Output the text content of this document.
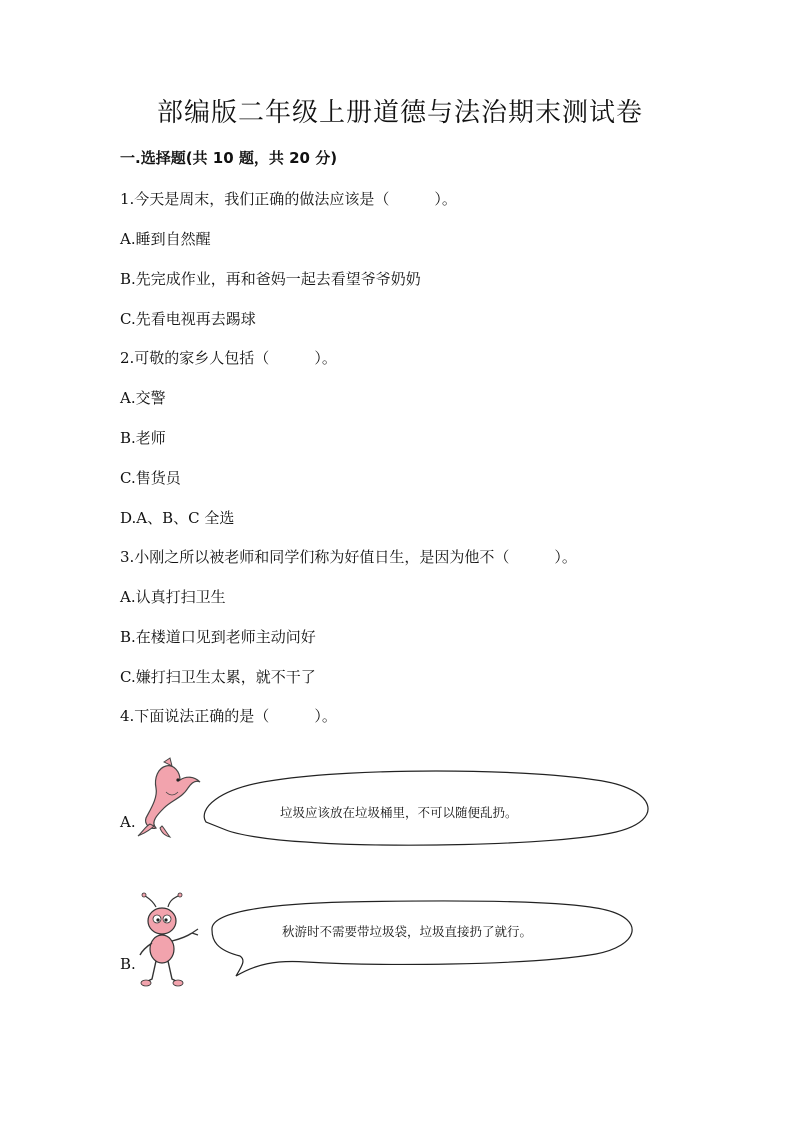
部编版二年级上册道德与法治期末测试卷
一.选择题(共 10 题，共 20 分)
1.今天是周末，我们正确的做法应该是（　　　）。
A.睡到自然醒
B.先完成作业，再和爸妈一起去看望爷爷奶奶
C.先看电视再去踢球
2.可敬的家乡人包括（　　　）。
A.交警
B.老师
C.售货员
D.A、B、C 全选
3.小刚之所以被老师和同学们称为好值日生，是因为他不（　　　）。
A.认真打扫卫生
B.在楼道口见到老师主动问好
C.嫌打扫卫生太累，就不干了
4.下面说法正确的是（　　　）。
A.
垃圾应该放在垃圾桶里，不可以随便乱扔。
B.
秋游时不需要带垃圾袋，垃圾直接扔了就行。
